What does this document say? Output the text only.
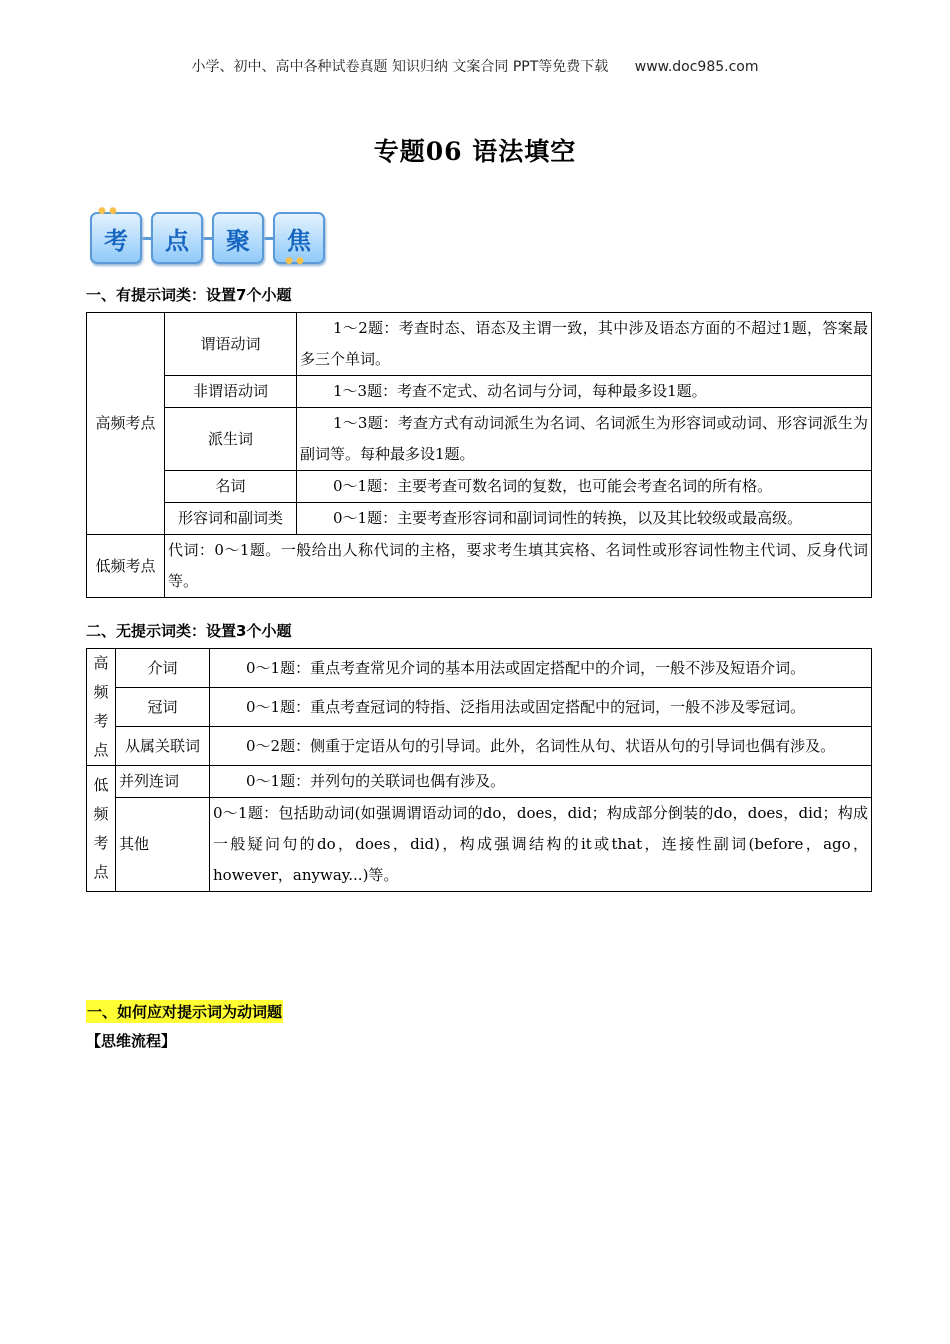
小学、初中、高中各种试卷真题 知识归纳 文案合同 PPT等免费下载 www.doc985.com
专题06 语法填空
● ●
考 点 聚
● ●
焦
一、有提示词类：设置7个小题
高频考点	谓语动词	1～2题：考查时态、语态及主谓一致，其中涉及语态方面的不超过1题，答案最多三个单词。
	非谓语动词	1～3题：考查不定式、动名词与分词，每种最多设1题。
	派生词	1～3题：考查方式有动词派生为名词、名词派生为形容词或动词、形容词派生为副词等。每种最多设1题。
	名词	0～1题：主要考查可数名词的复数，也可能会考查名词的所有格。
	形容词和副词类	0～1题：主要考查形容词和副词词性的转换，以及其比较级或最高级。
低频考点	代词：0～1题。一般给出人称代词的主格，要求考生填其宾格、名词性或形容词性物主代词、反身代词等。	
二、无提示词类：设置3个小题
高
频
考
点	介词	0～1题：重点考查常见介词的基本用法或固定搭配中的介词，一般不涉及短语介词。
	冠词	0～1题：重点考查冠词的特指、泛指用法或固定搭配中的冠词，一般不涉及零冠词。
	从属关联词	0～2题：侧重于定语从句的引导词。此外，名词性从句、状语从句的引导词也偶有涉及。
低
频
考
点	并列连词	0～1题：并列句的关联词也偶有涉及。
	其他	0～1题：包括助动词(如强调谓语动词的do，does，did；构成部分倒装的do，does，did；构成一般疑问句的do，does，did)，构成强调结构的it或that，连接性副词(before，ago，however，anyway...)等。
一、如何应对提示词为动词题
【思维流程】
